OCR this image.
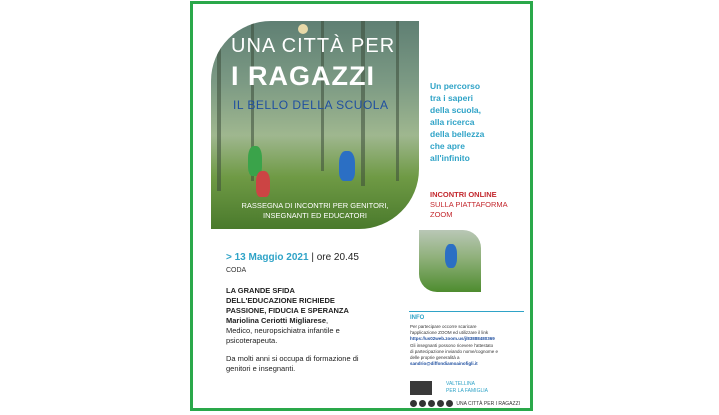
UNA CITTÀ PER
I RAGAZZI
IL BELLO DELLA SCUOLA
RASSEGNA DI INCONTRI PER GENITORI,
INSEGNANTI ED EDUCATORI
Un percorso
tra i saperi
della scuola,
alla ricerca
della bellezza
che apre
all'infinito
INCONTRI ONLINE
SULLA PIATTAFORMA
ZOOM
> 13 Maggio 2021 | ore 20.45
CODA
LA GRANDE SFIDA
DELL'EDUCAZIONE RICHIEDE
PASSIONE, FIDUCIA E SPERANZA
Mariolina Ceriotti Migliarese,
Medico, neuropsichiatra infantile e
psicoterapeuta.
Da molti anni si occupa di formazione di
genitori e insegnanti.
INFO
Per partecipare occorre scaricare
l'applicazione ZOOM ed utilizzare il link
https://us02web.zoom.us/j/83888480369
Gli insegnanti possono ricevere l'attestato
di partecipazione inviando nome/cognome e
delle proprie generalità a
sandrio@diffondiamoainofigli.it
VALTELLINA
PER LA FAMIGLIA
UNA CITTÀ PER I RAGAZZI
